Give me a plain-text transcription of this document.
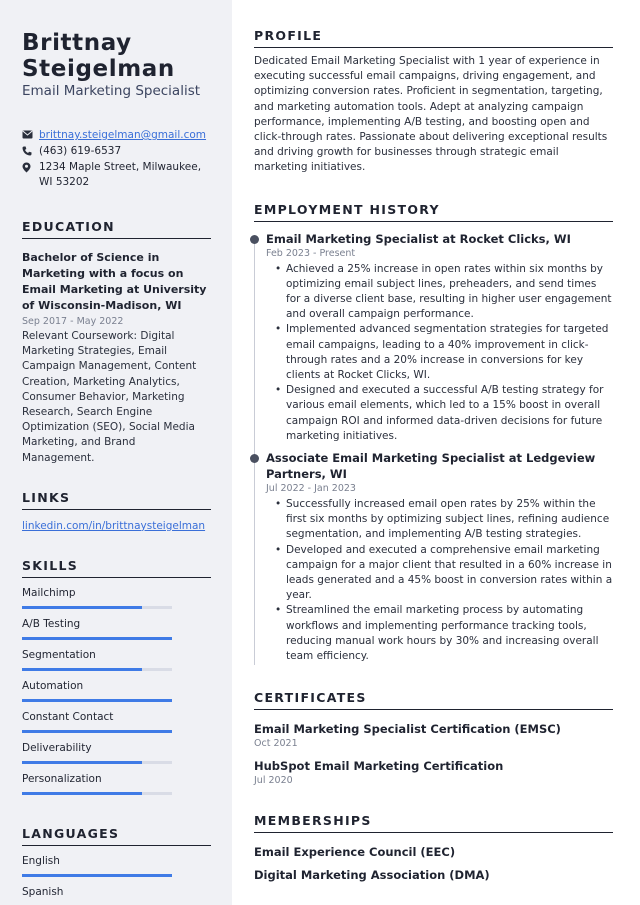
Brittnay
Steigelman
Email Marketing Specialist
brittnay.steigelman@gmail.com
(463) 619-6537
1234 Maple Street, Milwaukee, WI 53202
EDUCATION
Bachelor of Science in Marketing with a focus on Email Marketing at University of Wisconsin-Madison, WI
Sep 2017 - May 2022
Relevant Coursework: Digital Marketing Strategies, Email Campaign Management, Content Creation, Marketing Analytics, Consumer Behavior, Marketing Research, Search Engine Optimization (SEO), Social Media Marketing, and Brand Management.
LINKS
linkedin.com/in/brittnaysteigelman
SKILLS
Mailchimp
A/B Testing
Segmentation
Automation
Constant Contact
Deliverability
Personalization
LANGUAGES
English
Spanish
PROFILE
Dedicated Email Marketing Specialist with 1 year of experience in executing successful email campaigns, driving engagement, and optimizing conversion rates. Proficient in segmentation, targeting, and marketing automation tools. Adept at analyzing campaign performance, implementing A/B testing, and boosting open and click-through rates. Passionate about delivering exceptional results and driving growth for businesses through strategic email marketing initiatives.
EMPLOYMENT HISTORY
Email Marketing Specialist at Rocket Clicks, WI
Feb 2023 - Present
• Achieved a 25% increase in open rates within six months by optimizing email subject lines, preheaders, and send times for a diverse client base, resulting in higher user engagement and overall campaign performance.
• Implemented advanced segmentation strategies for targeted email campaigns, leading to a 40% improvement in click-through rates and a 20% increase in conversions for key clients at Rocket Clicks, WI.
• Designed and executed a successful A/B testing strategy for various email elements, which led to a 15% boost in overall campaign ROI and informed data-driven decisions for future marketing initiatives.
Associate Email Marketing Specialist at Ledgeview Partners, WI
Jul 2022 - Jan 2023
• Successfully increased email open rates by 25% within the first six months by optimizing subject lines, refining audience segmentation, and implementing A/B testing strategies.
• Developed and executed a comprehensive email marketing campaign for a major client that resulted in a 60% increase in leads generated and a 45% boost in conversion rates within a year.
• Streamlined the email marketing process by automating workflows and implementing performance tracking tools, reducing manual work hours by 30% and increasing overall team efficiency.
CERTIFICATES
Email Marketing Specialist Certification (EMSC)
Oct 2021
HubSpot Email Marketing Certification
Jul 2020
MEMBERSHIPS
Email Experience Council (EEC)
Digital Marketing Association (DMA)
